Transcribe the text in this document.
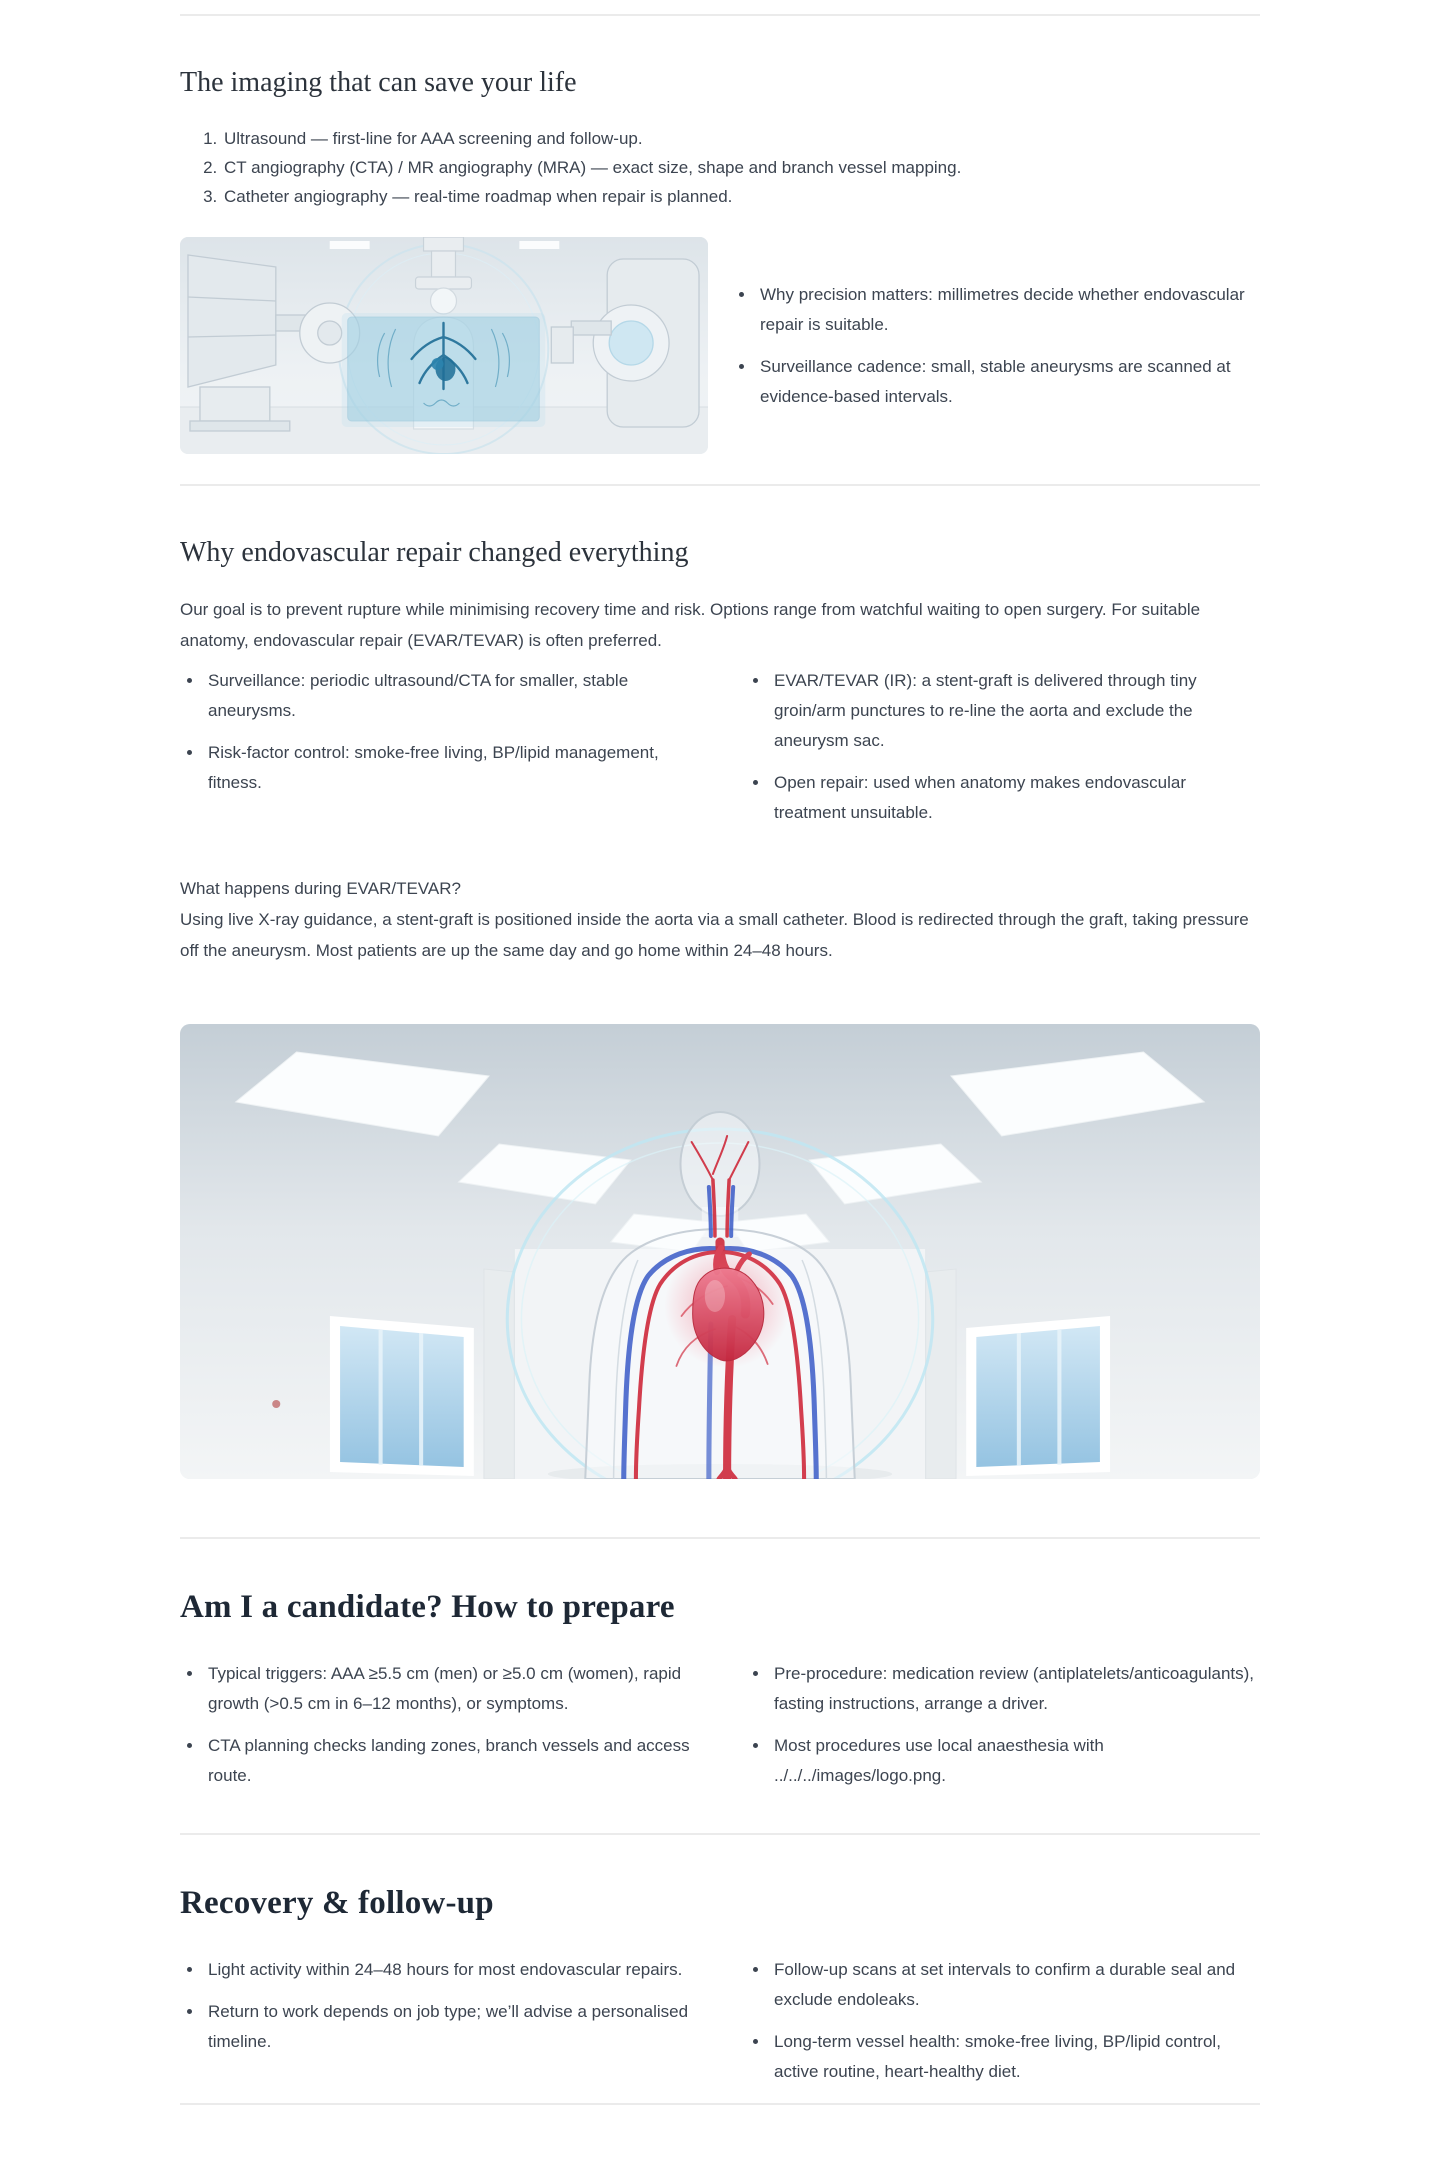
The imaging that can save your life
1. Ultrasound — first-line for AAA screening and follow-up.
2. CT angiography (CTA) / MR angiography (MRA) — exact size, shape and branch vessel mapping.
3. Catheter angiography — real-time roadmap when repair is planned.
• Why precision matters: millimetres decide whether endovascular repair is suitable.
• Surveillance cadence: small, stable aneurysms are scanned at evidence-based intervals.
Why endovascular repair changed everything

Our goal is to prevent rupture while minimising recovery time and risk. Options range from watchful waiting to open surgery. For suitable anatomy, endovascular repair (EVAR/TEVAR) is often preferred.

• Surveillance: periodic ultrasound/CTA for smaller, stable aneurysms.
• Risk-factor control: smoke-free living, BP/lipid management, fitness.
• EVAR/TEVAR (IR): a stent-graft is delivered through tiny groin/arm punctures to re-line the aorta and exclude the aneurysm sac.
• Open repair: used when anatomy makes endovascular treatment unsuitable.

What happens during EVAR/TEVAR?

Using live X-ray guidance, a stent-graft is positioned inside the aorta via a small catheter. Blood is redirected through the graft, taking pressure off the aneurysm. Most patients are up the same day and go home within 24–48 hours.

Am I a candidate? How to prepare
• Typical triggers: AAA ≥5.5 cm (men) or ≥5.0 cm (women), rapid growth (>0.5 cm in 6–12 months), or symptoms.
• CTA planning checks landing zones, branch vessels and access route.
• Pre-procedure: medication review (antiplatelets/anticoagulants), fasting instructions, arrange a driver.
• Most procedures use local anaesthesia with ../../../images/logo.png.
Recovery & follow-up
• Light activity within 24–48 hours for most endovascular repairs.
• Return to work depends on job type; we’ll advise a personalised timeline.
• Follow-up scans at set intervals to confirm a durable seal and exclude endoleaks.
• Long-term vessel health: smoke-free living, BP/lipid control, active routine, heart-healthy diet.
